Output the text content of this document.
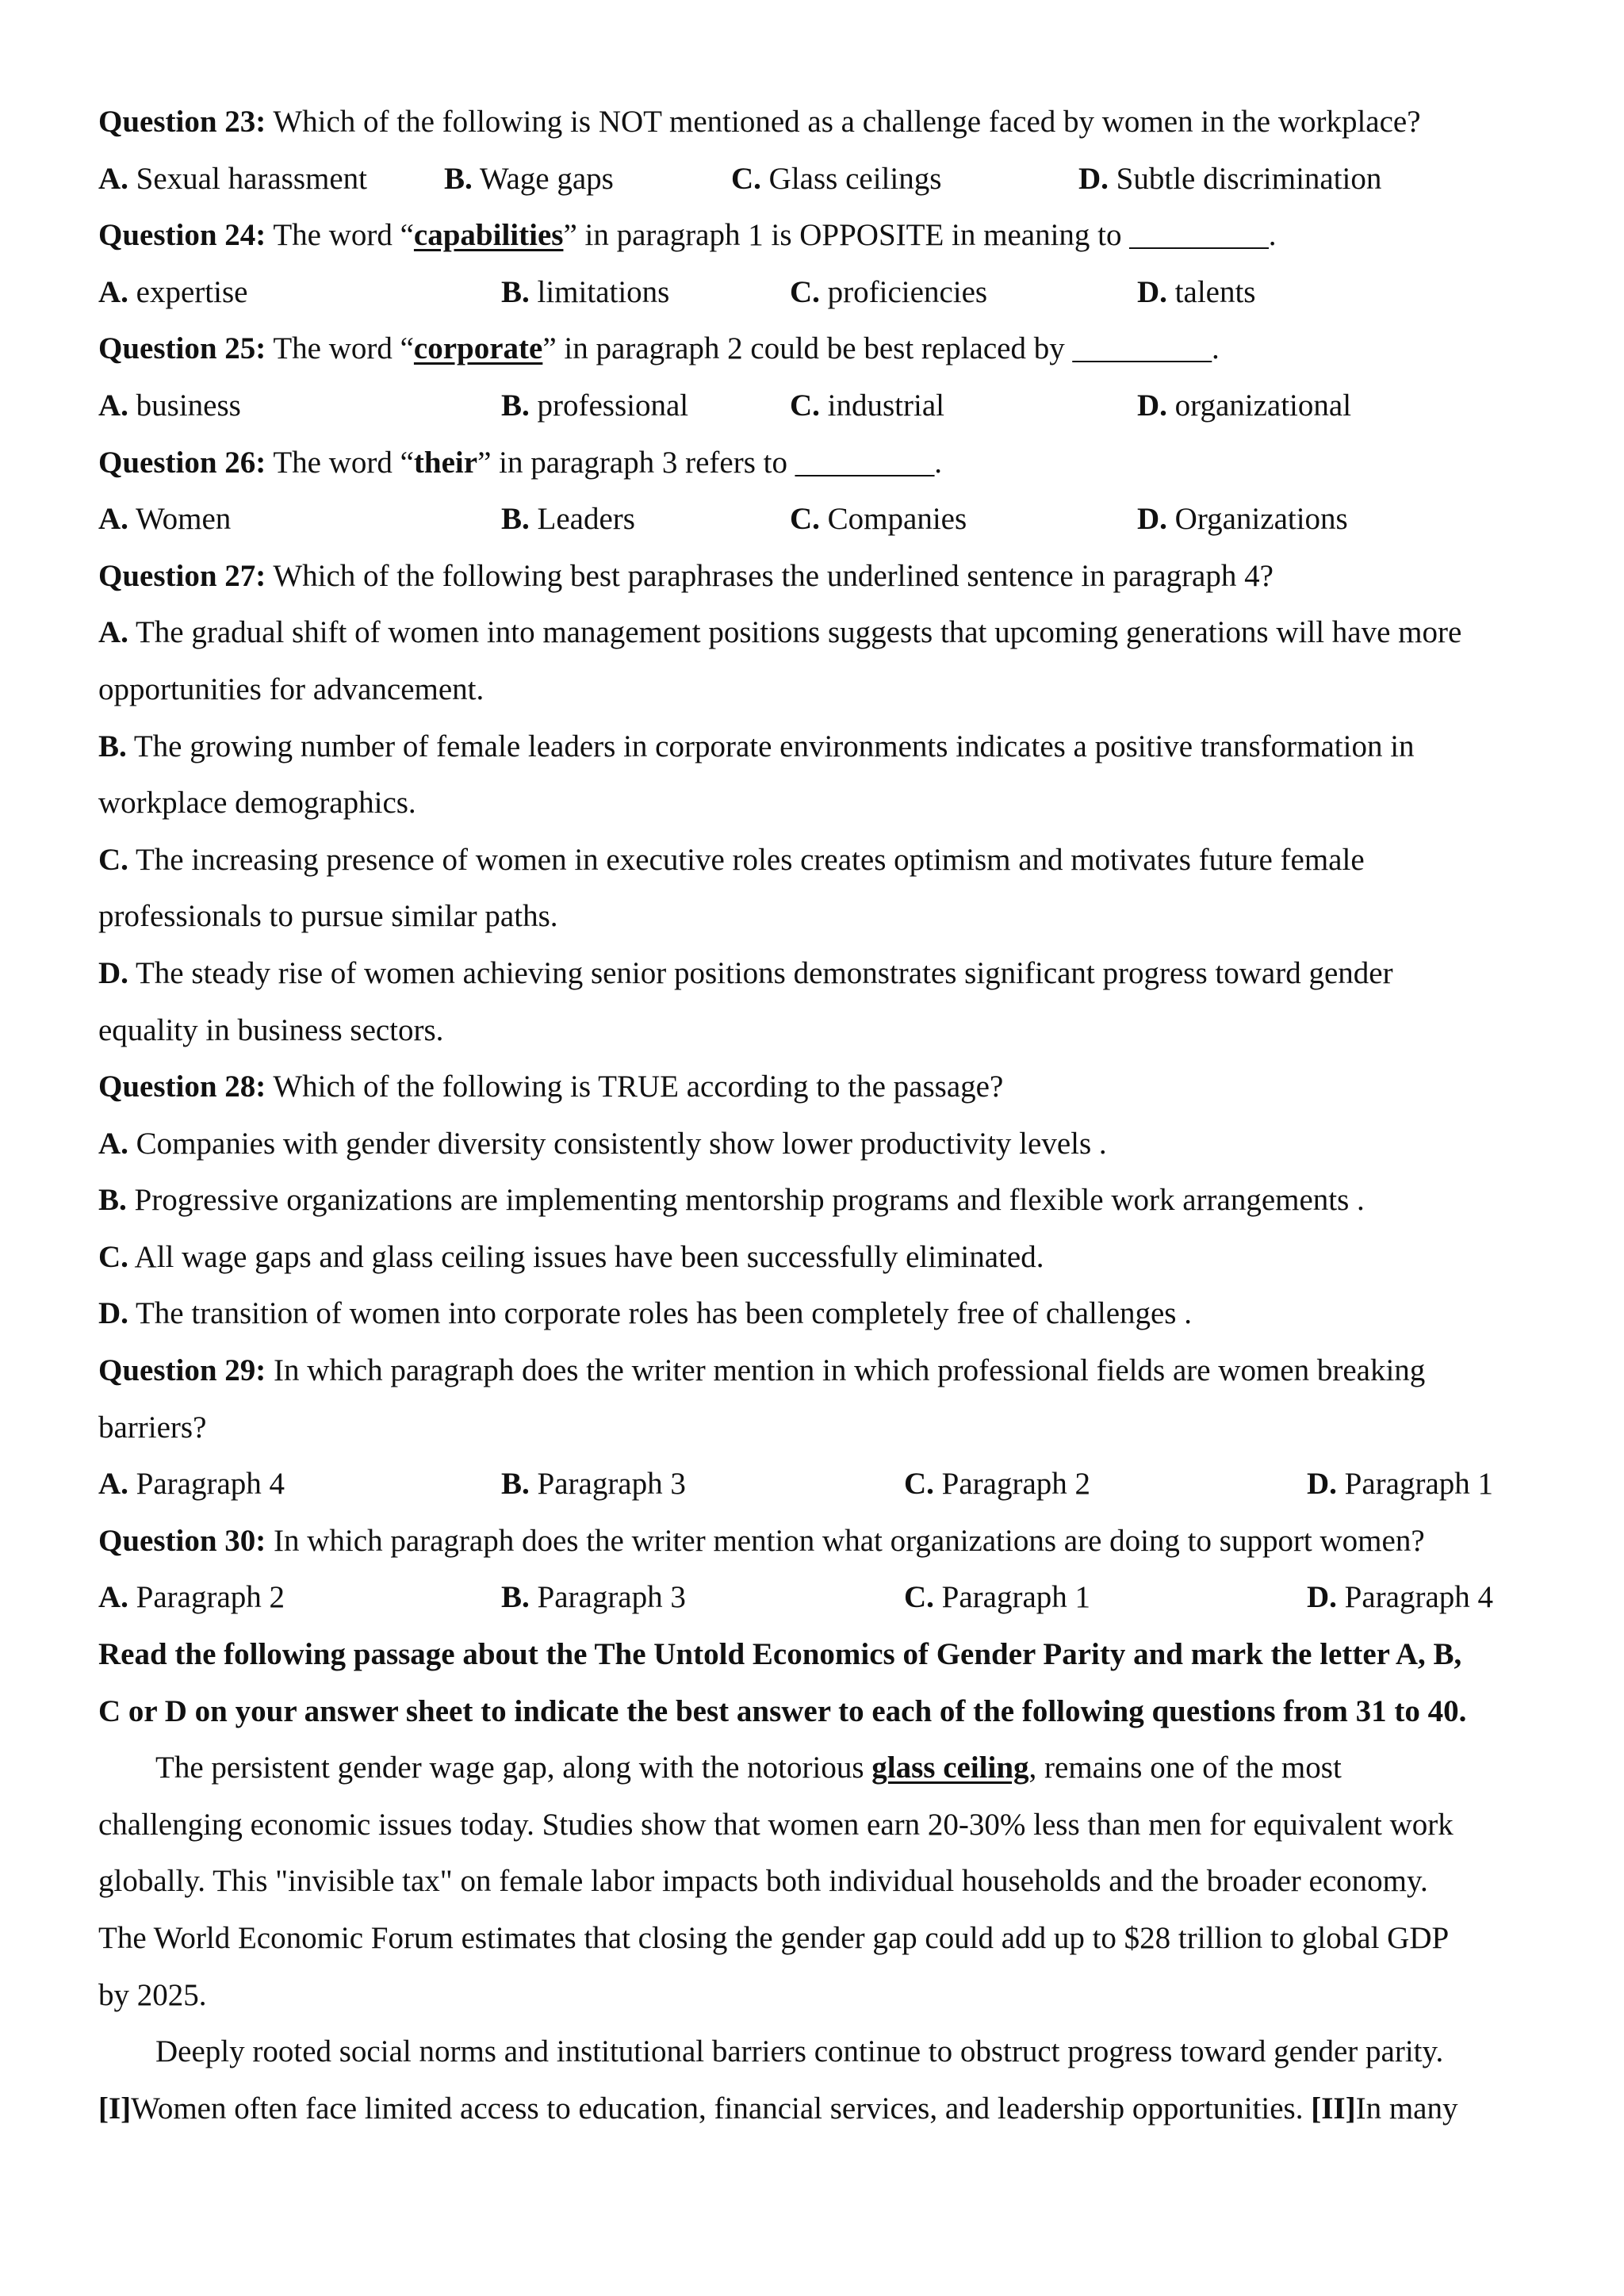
Question 23: Which of the following is NOT mentioned as a challenge faced by women in the workplace?
A. Sexual harassment B. Wage gaps	C. Glass ceilings	D. Subtle discrimination
Question 24: The word “capabilities” in paragraph 1 is OPPOSITE in meaning to _________.
A. expertise	B. limitations	C. proficiencies	D. talents
Question 25: The word “corporate” in paragraph 2 could be best replaced by _________.
A. business	B. professional	C. industrial	D. organizational
Question 26: The word “their” in paragraph 3 refers to _________.
A. Women	B. Leaders	C. Companies	D. Organizations
Question 27: Which of the following best paraphrases the underlined sentence in paragraph 4?
A. The gradual shift of women into management positions suggests that upcoming generations will have more
opportunities for advancement.
B. The growing number of female leaders in corporate environments indicates a positive transformation in
workplace demographics.
C. The increasing presence of women in executive roles creates optimism and motivates future female
professionals to pursue similar paths.
D. The steady rise of women achieving senior positions demonstrates significant progress toward gender
equality in business sectors.
Question 28: Which of the following is TRUE according to the passage?
A. Companies with gender diversity consistently show lower productivity levels .
B. Progressive organizations are implementing mentorship programs and flexible work arrangements .
C. All wage gaps and glass ceiling issues have been successfully eliminated.
D. The transition of women into corporate roles has been completely free of challenges .
Question 29: In which paragraph does the writer mention in which professional fields are women breaking
barriers?
A. Paragraph 4	B. Paragraph 3	C. Paragraph 2	D. Paragraph 1
Question 30: In which paragraph does the writer mention what organizations are doing to support women?
A. Paragraph 2	B. Paragraph 3	C. Paragraph 1	D. Paragraph 4
Read the following passage about the The Untold Economics of Gender Parity and mark the letter A, B,
C or D on your answer sheet to indicate the best answer to each of the following questions from 31 to 40.
The persistent gender wage gap, along with the notorious glass ceiling, remains one of the most
challenging economic issues today. Studies show that women earn 20-30% less than men for equivalent work
globally. This "invisible tax" on female labor impacts both individual households and the broader economy.
The World Economic Forum estimates that closing the gender gap could add up to $28 trillion to global GDP
by 2025.
Deeply rooted social norms and institutional barriers continue to obstruct progress toward gender parity.
[I]Women often face limited access to education, financial services, and leadership opportunities. [II]In many
